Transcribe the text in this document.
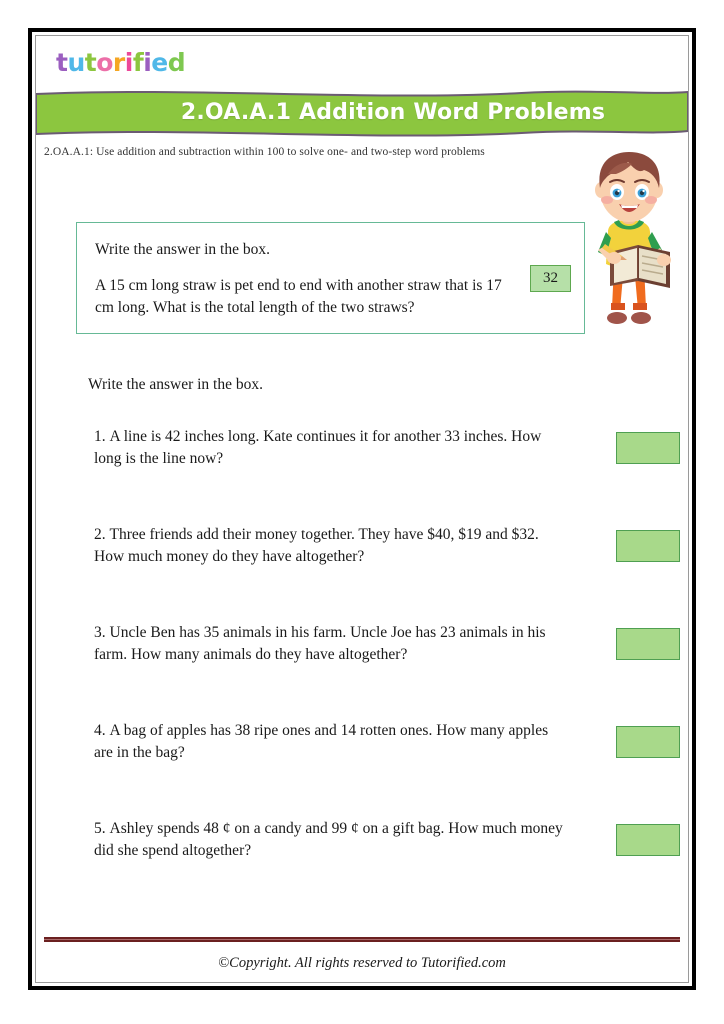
tutorified
2.OA.A.1 Addition Word Problems
2.OA.A.1: Use addition and subtraction within 100 to solve one- and two-step word problems
Write the answer in the box.
A 15 cm long straw is pet end to end with another straw that is 17 cm long. What is the total length of the two straws?
32
Write the answer in the box.
1. A line is 42 inches long. Kate continues it for another 33 inches. How long is the line now?
2. Three friends add their money together. They have $40, $19 and $32. How much money do they have altogether?
3. Uncle Ben has 35 animals in his farm. Uncle Joe has 23 animals in his farm. How many animals do they have altogether?
4. A bag of apples has 38 ripe ones and 14 rotten ones. How many apples are in the bag?
5. Ashley spends 48 ¢ on a candy and 99 ¢ on a gift bag. How much money did she spend altogether?
©Copyright. All rights reserved to Tutorified.com
